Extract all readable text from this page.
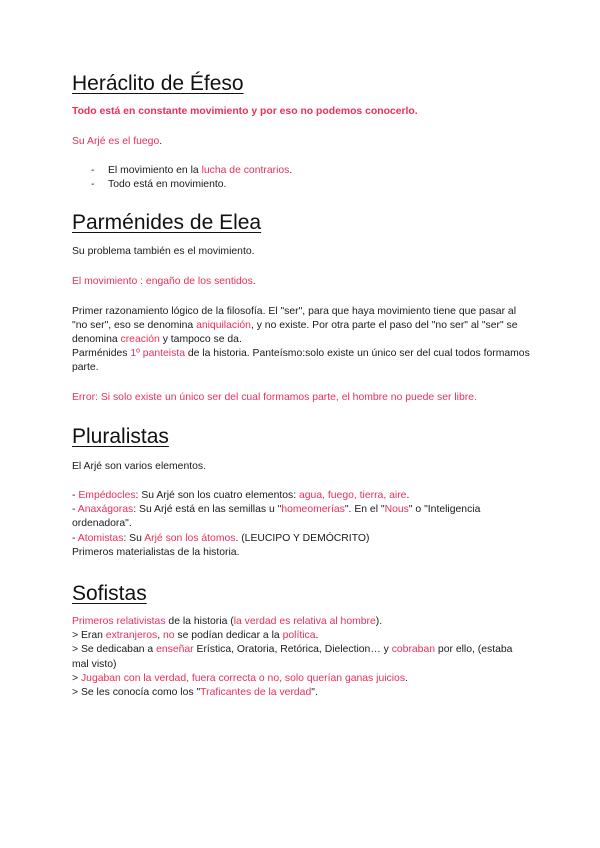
Heráclito de Éfeso

Todo está en constante movimiento y por eso no podemos conocerlo.

Su Arjé es el fuego.

- El movimiento en la lucha de contrarios.
- Todo está en movimiento.
Parménides de Elea

Su problema también es el movimiento.

El movimiento : engaño de los sentidos.

Primer razonamiento lógico de la filosofía. El "ser", para que haya movimiento tiene que pasar al "no ser", eso se denomina aniquilación, y no existe. Por otra parte el paso del "no ser" al "ser" se denomina creación y tampoco se da.

Parménides 1º panteista de la historia. Panteísmo:solo existe un único ser del cual todos formamos parte.

Error: Si solo existe un único ser del cual formamos parte, el hombre no puede ser libre.

Pluralistas

El Arjé son varios elementos.

- Empédocles: Su Arjé son los cuatro elementos: agua, fuego, tierra, aire.
- Anaxágoras: Su Arjé está en las semillas u "homeomerías". En el "Nous" o "Inteligencia ordenadora".
- Atomistas: Su Arjé son los átomos. (LEUCIPO Y DEMÓCRITO)
Primeros materialistas de la historia.

Sofistas

Primeros relativistas de la historia (la verdad es relativa al hombre).
> Eran extranjeros, no se podían dedicar a la política.
> Se dedicaban a enseñar Erística, Oratoria, Retórica, Dielection… y cobraban por ello, (estaba mal visto)
> Jugaban con la verdad, fuera correcta o no, solo querían ganas juicios.
> Se les conocía como los "Traficantes de la verdad".
